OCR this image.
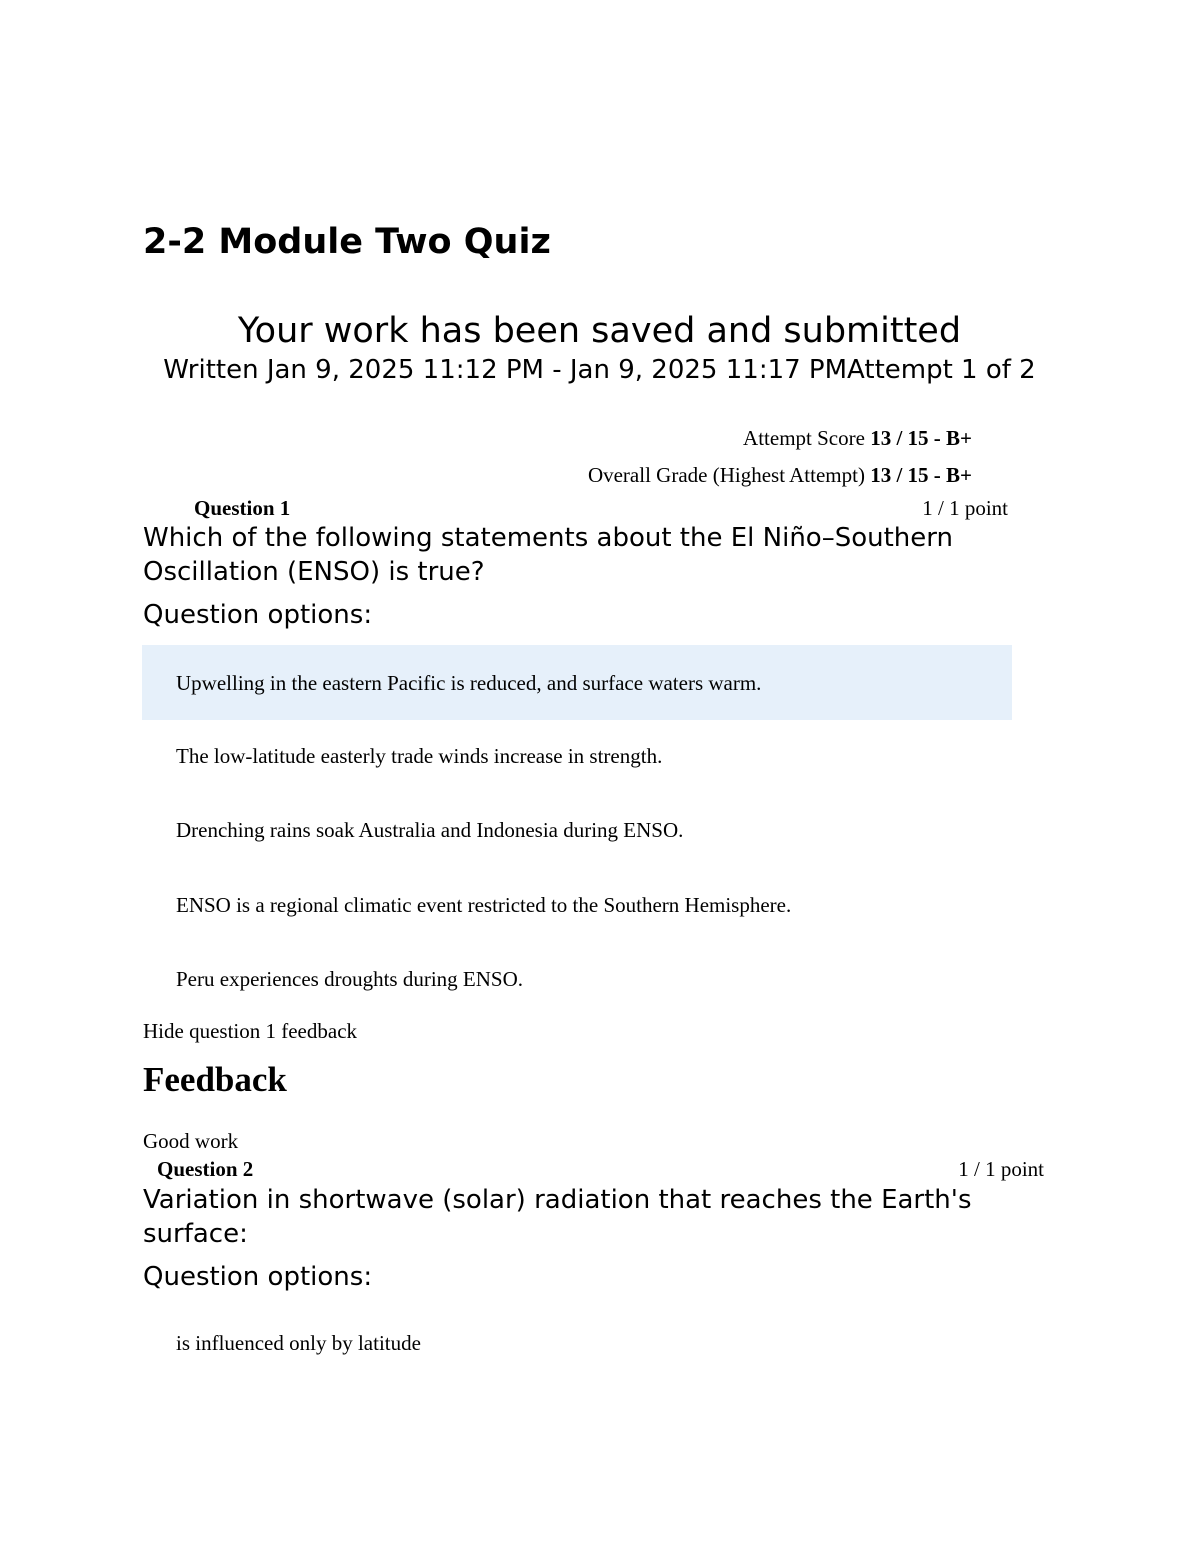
2-2 Module Two Quiz
Your work has been saved and submitted
Written Jan 9, 2025 11:12 PM - Jan 9, 2025 11:17 PMAttempt 1 of 2
Attempt Score 13 / 15 - B+
Overall Grade (Highest Attempt) 13 / 15 - B+
Question 1	1 / 1 point
Which of the following statements about the El Niño–Southern Oscillation (ENSO) is true?
Question options:
Upwelling in the eastern Pacific is reduced, and surface waters warm.
The low-latitude easterly trade winds increase in strength.
Drenching rains soak Australia and Indonesia during ENSO.
ENSO is a regional climatic event restricted to the Southern Hemisphere.
Peru experiences droughts during ENSO.
Hide question 1 feedback
Feedback
Good work
Question 2	1 / 1 point
Variation in shortwave (solar) radiation that reaches the Earth's surface:
Question options:
is influenced only by latitude
